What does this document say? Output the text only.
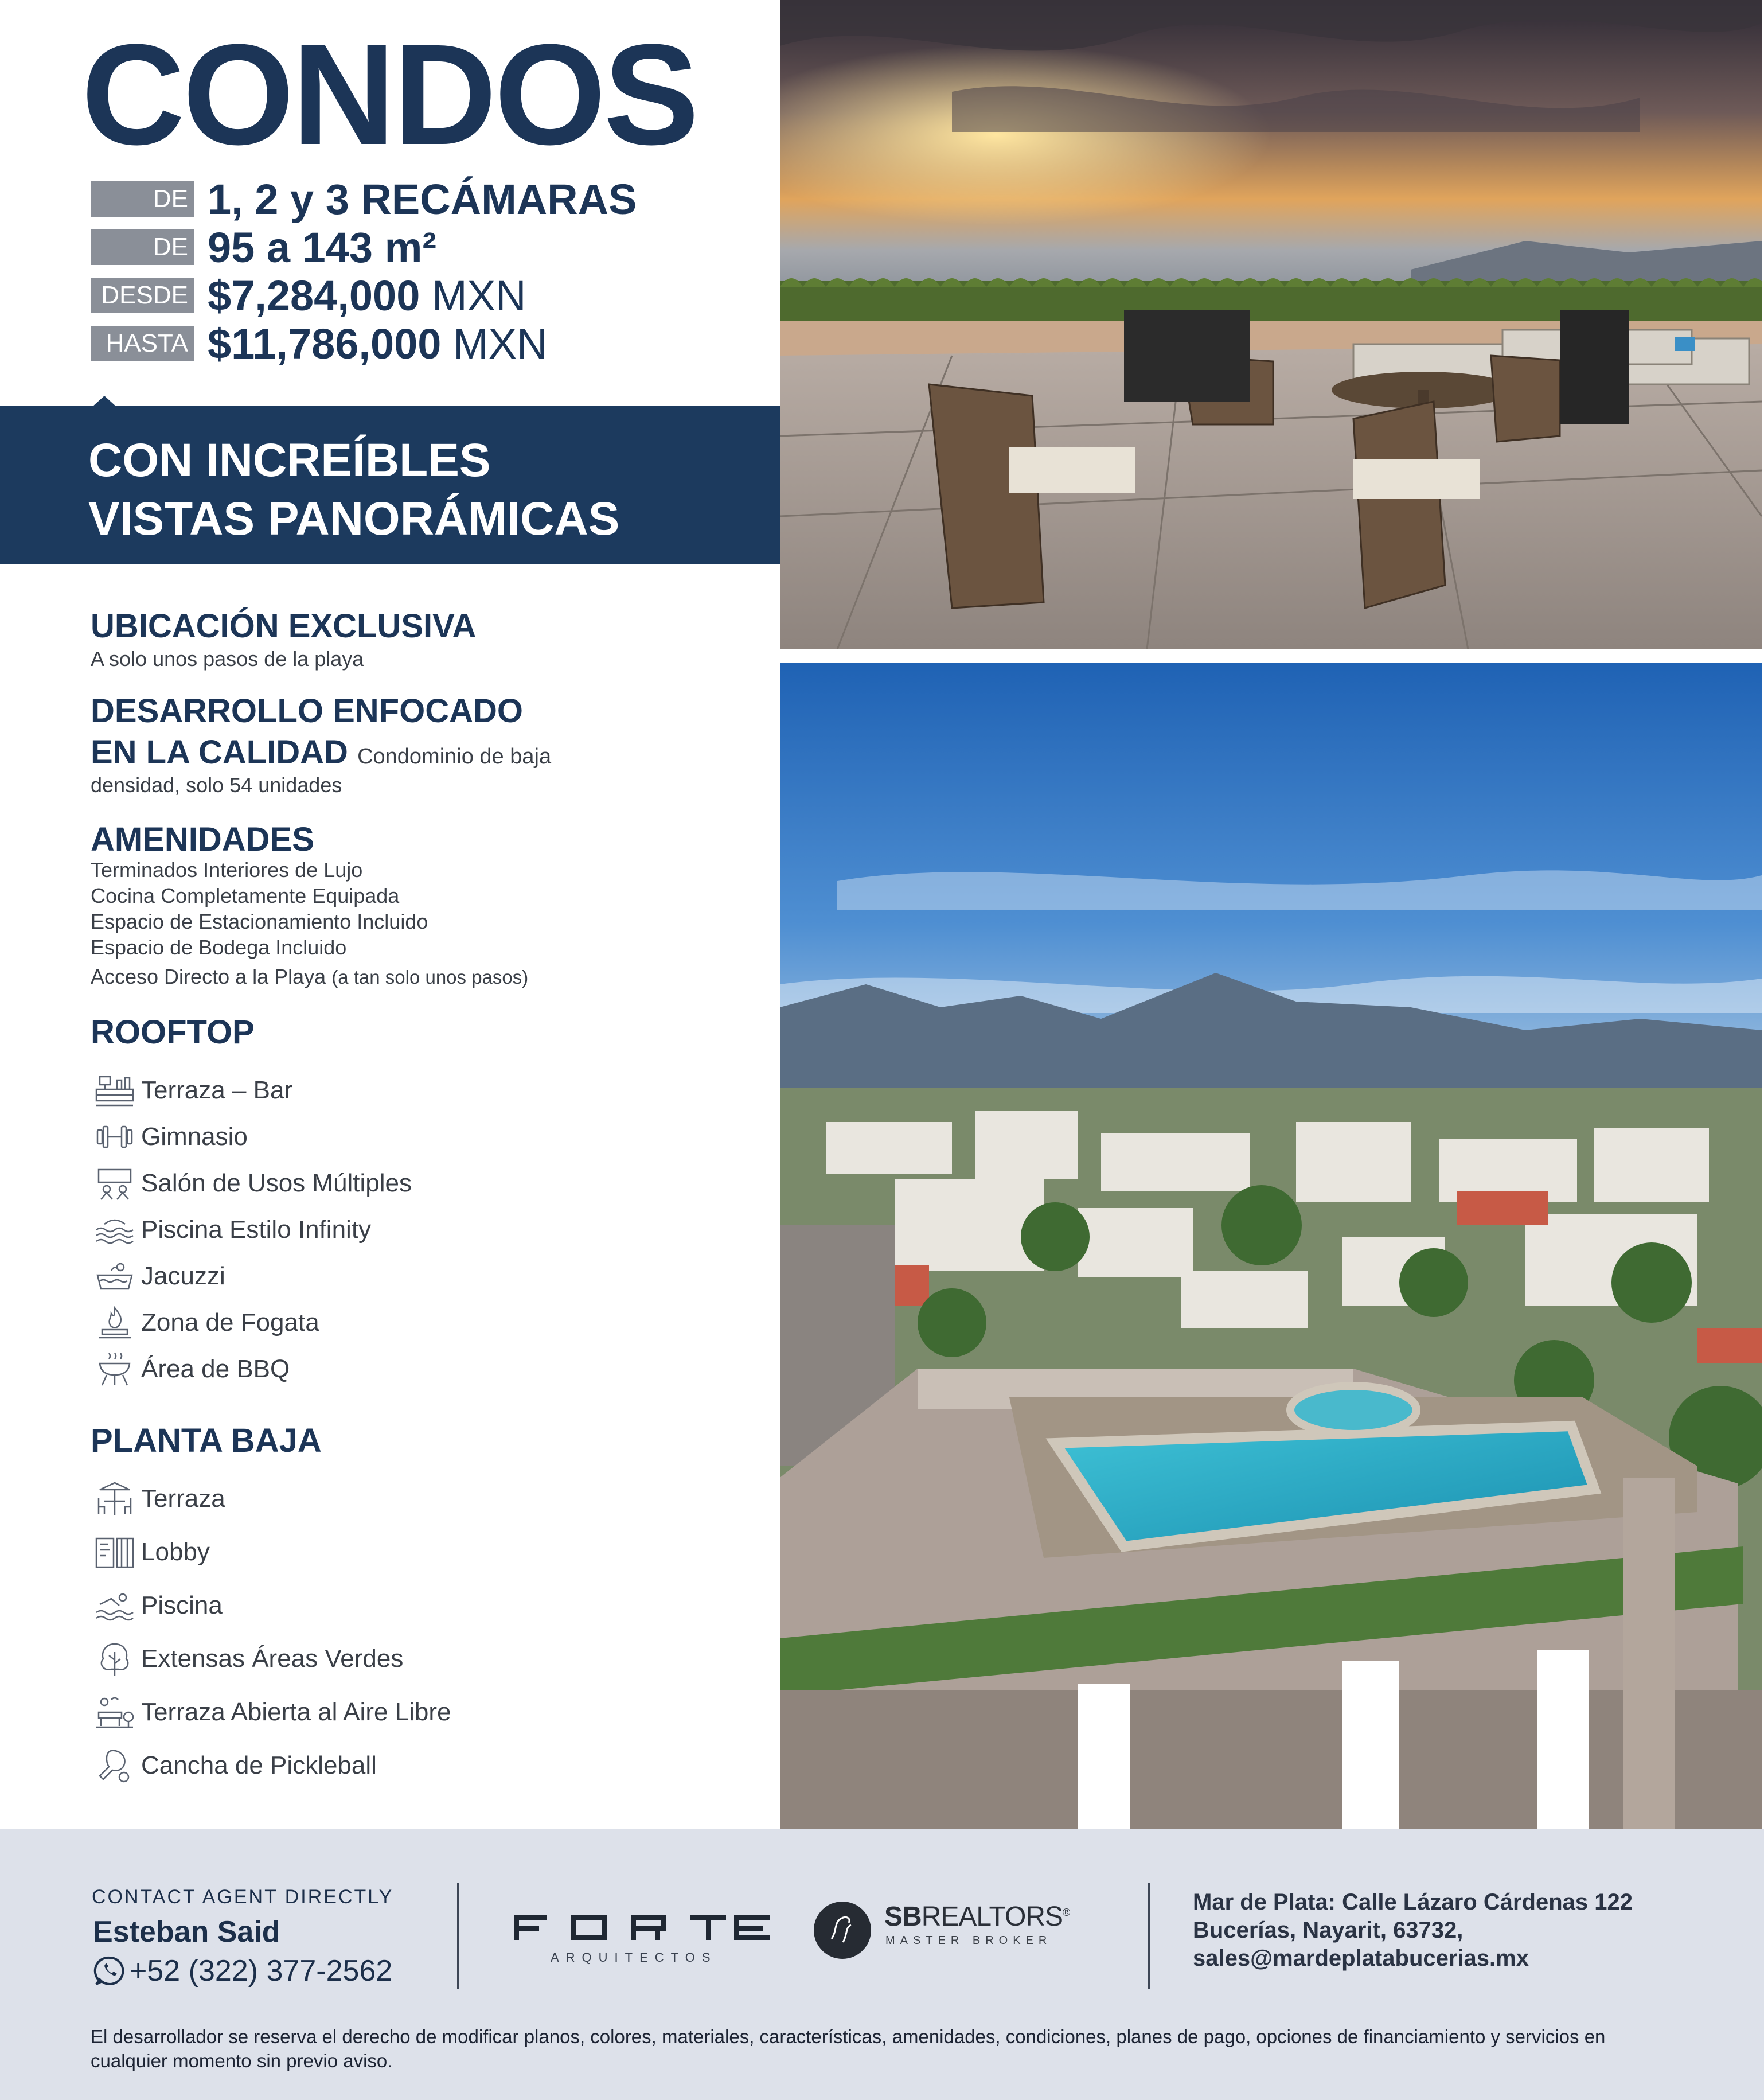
CONDOS
DE 1, 2 y 3 RECÁMARAS
DE 95 a 143 m²
DESDE $7,284,000 MXN
HASTA $11,786,000 MXN
CON INCREÍBLES
VISTAS PANORÁMICAS
UBICACIÓN EXCLUSIVA
A solo unos pasos de la playa
DESARROLLO ENFOCADO
EN LA CALIDAD Condominio de baja
densidad, solo 54 unidades
AMENIDADES
Terminados Interiores de Lujo
Cocina Completamente Equipada
Espacio de Estacionamiento Incluido
Espacio de Bodega Incluido
Acceso Directo a la Playa (a tan solo unos pasos)
ROOFTOP
Terraza – Bar
Gimnasio
Salón de Usos Múltiples
Piscina Estilo Infinity
Jacuzzi
Zona de Fogata
Área de BBQ
PLANTA BAJA
Terraza
Lobby
Piscina
Extensas Áreas Verdes
Terraza Abierta al Aire Libre
Cancha de Pickleball
CONTACT AGENT DIRECTLY
Esteban Said
+52 (322) 377-2562	ARQUITECTOS
SBREALTORS®
MASTER BROKER
Mar de Plata: Calle Lázaro Cárdenas 122
Bucerías, Nayarit, 63732,
sales@mardeplatabucerias.mx
El desarrollador se reserva el derecho de modificar planos, colores, materiales, características, amenidades, condiciones, planes de pago, opciones de financiamiento y servicios en cualquier momento sin previo aviso.
